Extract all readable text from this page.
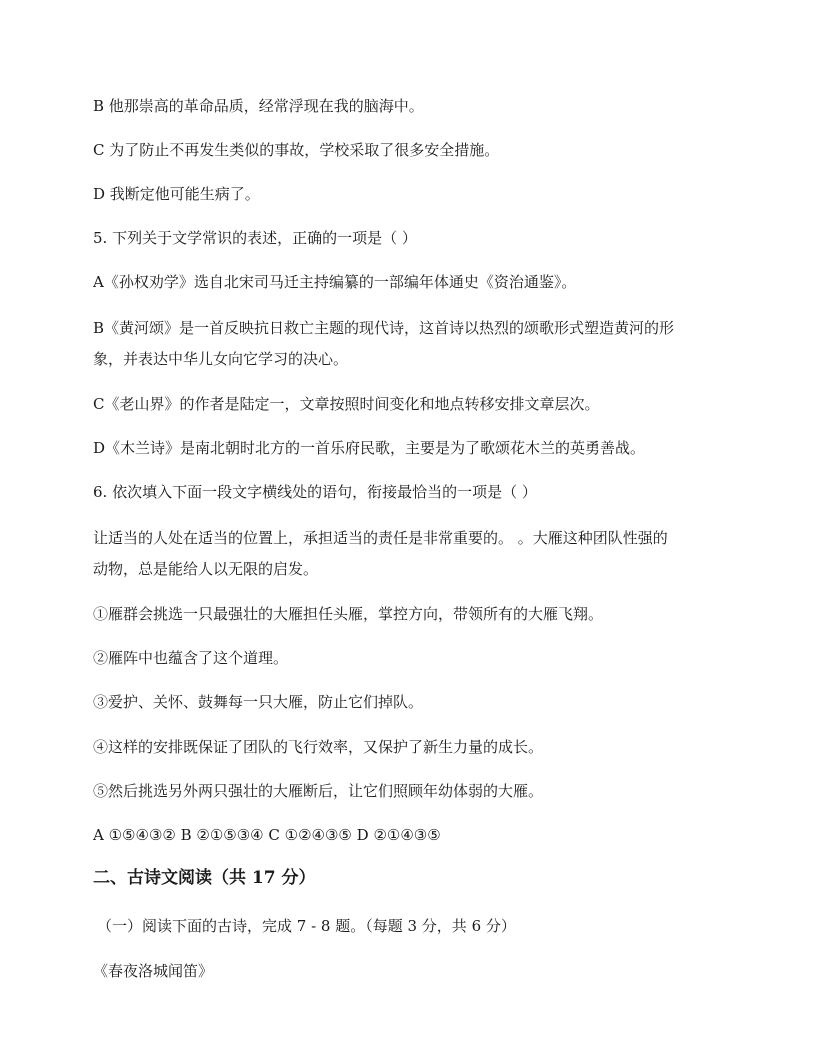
B 他那崇高的革命品质，经常浮现在我的脑海中。
C 为了防止不再发生类似的事故，学校采取了很多安全措施。
D 我断定他可能生病了。
5. 下列关于文学常识的表述，正确的一项是（ ）
A《孙权劝学》选自北宋司马迁主持编纂的一部编年体通史《资治通鉴》。
B《黄河颂》是一首反映抗日救亡主题的现代诗，这首诗以热烈的颂歌形式塑造黄河的形
象，并表达中华儿女向它学习的决心。
C《老山界》的作者是陆定一，文章按照时间变化和地点转移安排文章层次。
D《木兰诗》是南北朝时北方的一首乐府民歌，主要是为了歌颂花木兰的英勇善战。
6. 依次填入下面一段文字横线处的语句，衔接最恰当的一项是（ ）
让适当的人处在适当的位置上，承担适当的责任是非常重要的。 。大雁这种团队性强的
动物，总是能给人以无限的启发。
①雁群会挑选一只最强壮的大雁担任头雁，掌控方向，带领所有的大雁飞翔。
②雁阵中也蕴含了这个道理。
③爱护、关怀、鼓舞每一只大雁，防止它们掉队。
④这样的安排既保证了团队的飞行效率，又保护了新生力量的成长。
⑤然后挑选另外两只强壮的大雁断后，让它们照顾年幼体弱的大雁。
A ①⑤④③② B ②①⑤③④ C ①②④③⑤ D ②①④③⑤
二、古诗文阅读（共 17 分）
（一）阅读下面的古诗，完成 7 - 8 题。（每题 3 分，共 6 分）
《春夜洛城闻笛》
